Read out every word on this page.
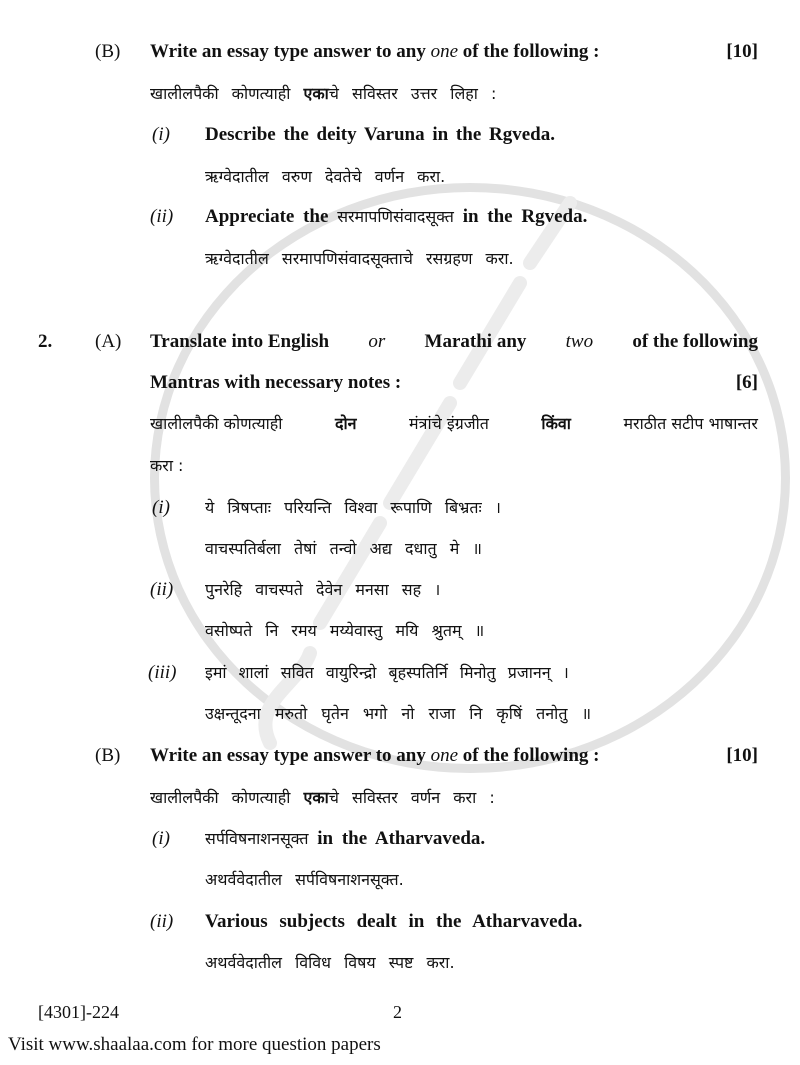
(B) Write an essay type answer to any one of the following :	[10]
खालीलपैकी कोणत्याही एकाचे सविस्तर उत्तर लिहा :
(i) Describe the deity Varuna in the Rgveda.
ऋग्वेदातील वरुण देवतेचे वर्णन करा.
(ii) Appreciate the सरमापणिसंवादसूक्त in the Rgveda.
ऋग्वेदातील सरमापणिसंवादसूक्ताचे रसग्रहण करा.
2. (A) Translate into English or Marathi any two of the following
Mantras with necessary notes :	[6]
खालीलपैकी कोणत्याही	दोन	मंत्रांचे इंग्रजीत	किंवा	मराठीत सटीप भाषान्तर
करा :
(i) ये त्रिषप्ताः परियन्ति विश्वा रूपाणि बिभ्रतः ।
वाचस्पतिर्बला तेषां तन्वो अद्य दधातु मे ॥
(ii) पुनरेहि वाचस्पते देवेन मनसा सह ।
वसोष्पते नि रमय मय्येवास्तु मयि श्रुतम् ॥
(iii) इमां शालां सवित वायुरिन्द्रो बृहस्पतिर्नि मिनोतु प्रजानन् ।
उक्षन्तूदना मरुतो घृतेन भगो नो राजा नि कृषिं तनोतु ॥
(B) Write an essay type answer to any one of the following :	[10]
खालीलपैकी कोणत्याही एकाचे सविस्तर वर्णन करा :
(i) सर्पविषनाशनसूक्त in the Atharvaveda.
अथर्ववेदातील सर्पविषनाशनसूक्त.
(ii) Various subjects dealt in the Atharvaveda.
अथर्ववेदातील विविध विषय स्पष्ट करा.
[4301]-224	2
Visit www.shaalaa.com for more question papers
